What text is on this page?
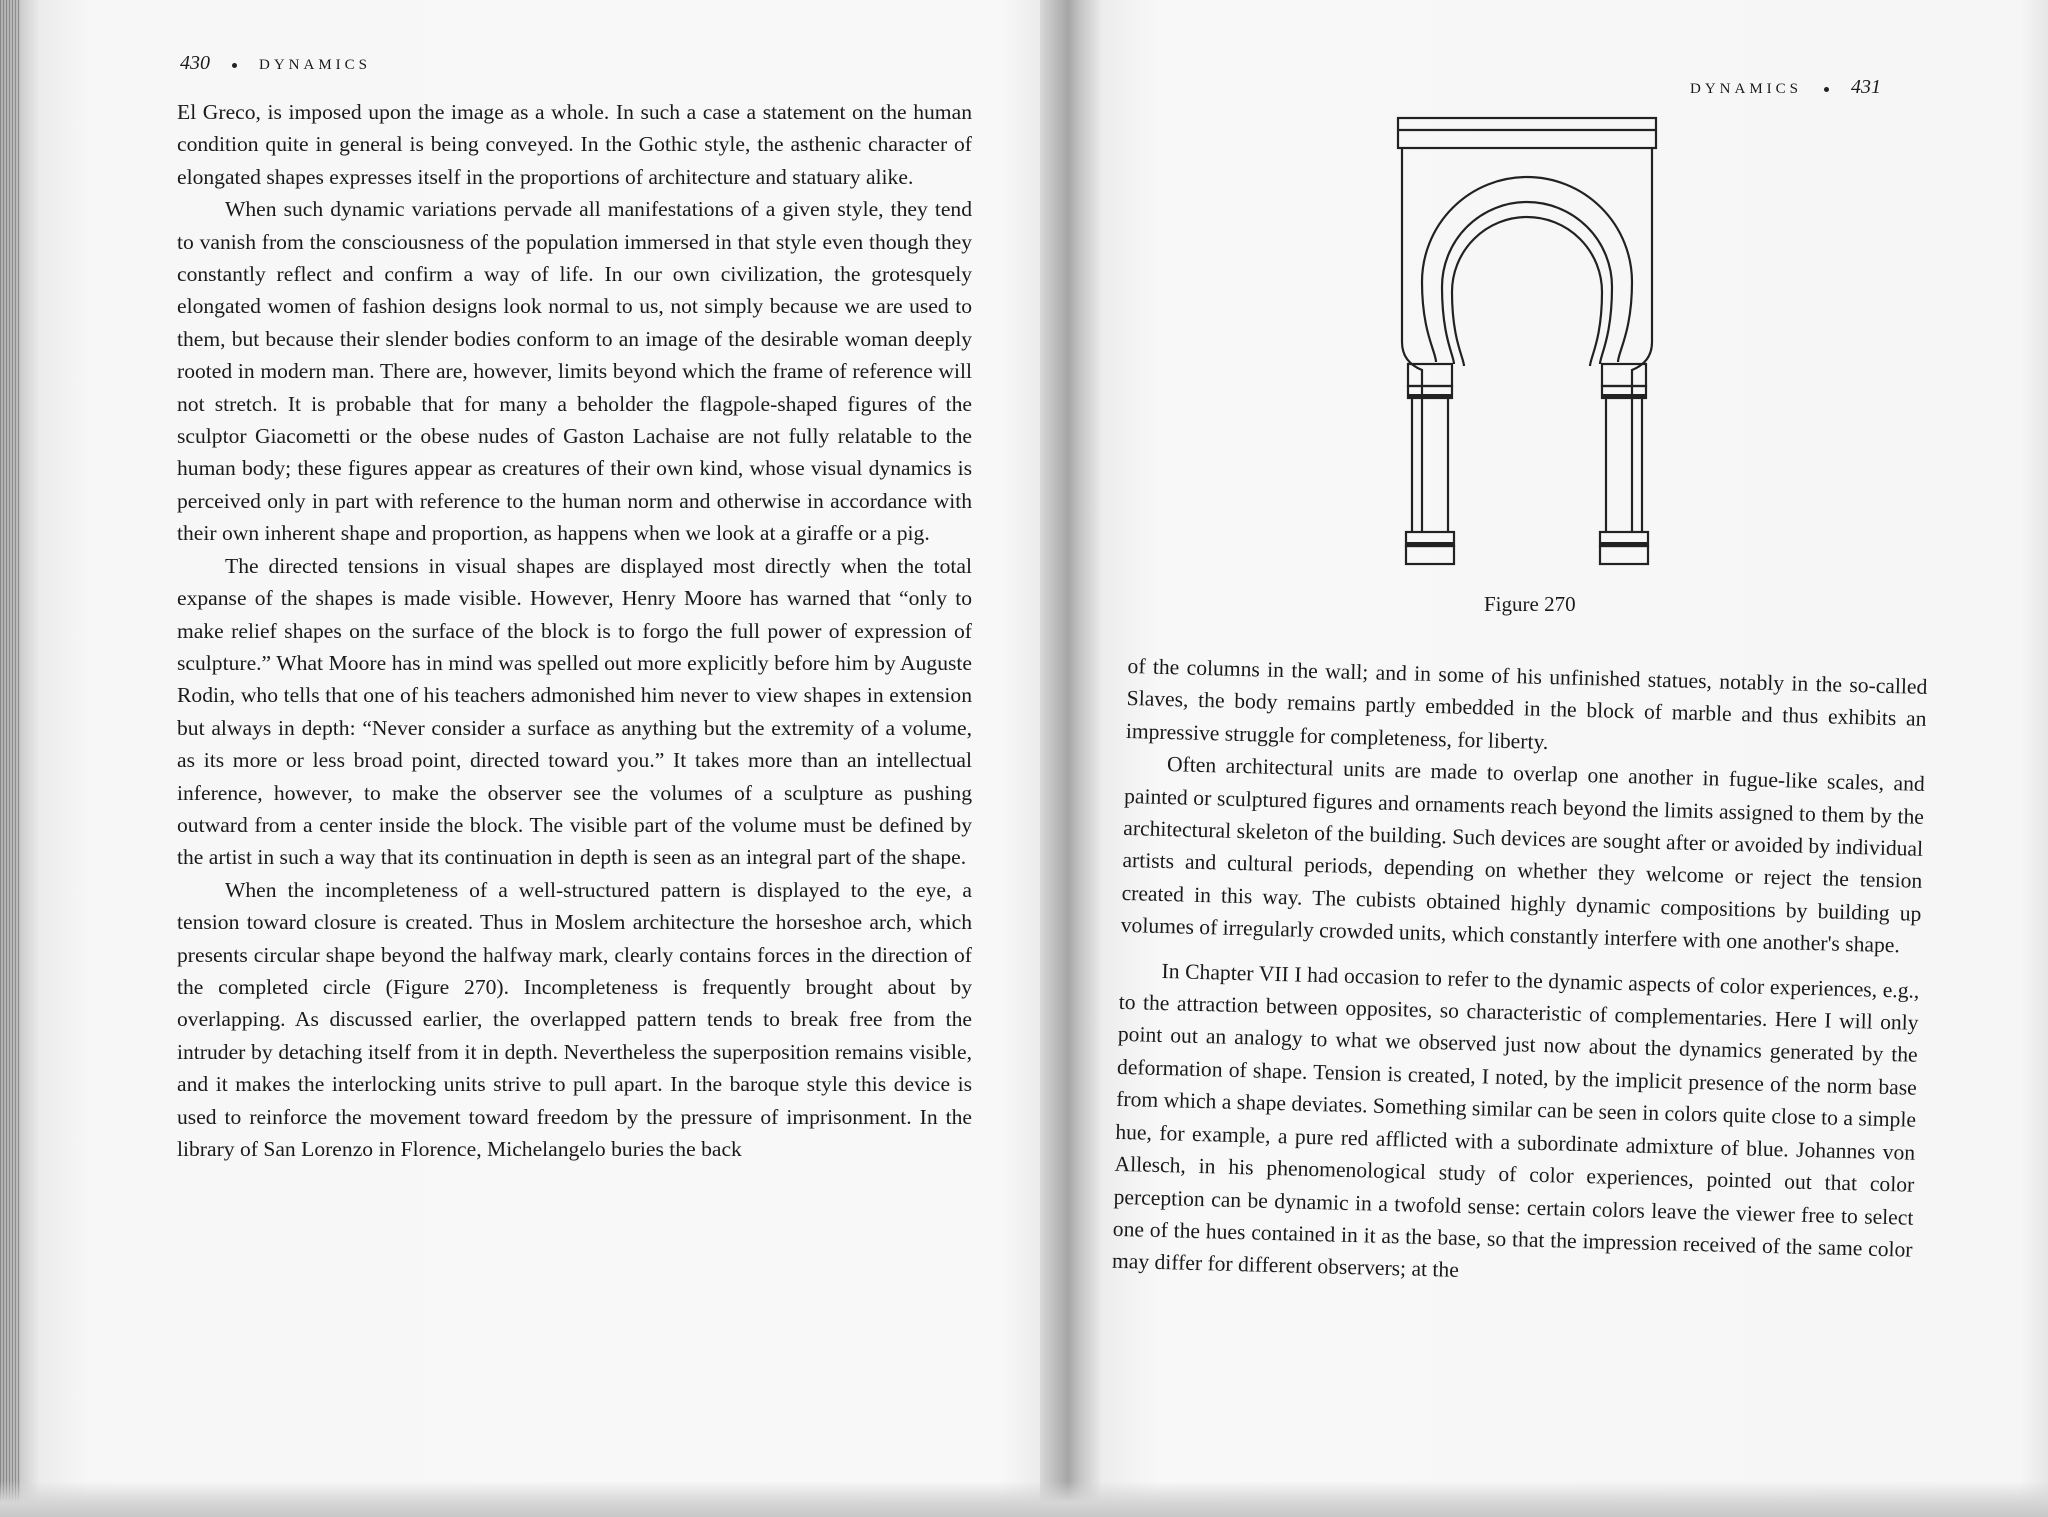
430	DYNAMICS

El Greco, is imposed upon the image as a whole. In such a case a statement on the human condition quite in general is being conveyed. In the Gothic style, the asthenic character of elongated shapes expresses itself in the proportions of architecture and statuary alike.

When such dynamic variations pervade all manifestations of a given style, they tend to vanish from the consciousness of the population immersed in that style even though they constantly reflect and confirm a way of life. In our own civilization, the grotesquely elongated women of fashion designs look normal to us, not simply because we are used to them, but because their slender bodies conform to an image of the desirable woman deeply rooted in modern man. There are, however, limits beyond which the frame of reference will not stretch. It is probable that for many a beholder the flagpole-shaped figures of the sculptor Giacometti or the obese nudes of Gaston Lachaise are not fully relatable to the human body; these figures appear as creatures of their own kind, whose visual dynamics is perceived only in part with reference to the human norm and otherwise in accordance with their own inherent shape and proportion, as happens when we look at a giraffe or a pig.

The directed tensions in visual shapes are displayed most directly when the total expanse of the shapes is made visible. However, Henry Moore has warned that “only to make relief shapes on the surface of the block is to forgo the full power of expression of sculpture.” What Moore has in mind was spelled out more explicitly before him by Auguste Rodin, who tells that one of his teachers admonished him never to view shapes in extension but always in depth: “Never consider a surface as anything but the extremity of a volume, as its more or less broad point, directed toward you.” It takes more than an intellectual inference, however, to make the observer see the volumes of a sculpture as pushing outward from a center inside the block. The visible part of the volume must be defined by the artist in such a way that its continuation in depth is seen as an integral part of the shape.

When the incompleteness of a well-structured pattern is displayed to the eye, a tension toward closure is created. Thus in Moslem architecture the horseshoe arch, which presents circular shape beyond the halfway mark, clearly contains forces in the direction of the completed circle (Figure 270). Incompleteness is frequently brought about by overlapping. As discussed earlier, the overlapped pattern tends to break free from the intruder by detaching itself from it in depth. Nevertheless the superposition remains visible, and it makes the interlocking units strive to pull apart. In the baroque style this device is used to reinforce the movement toward freedom by the pressure of imprisonment. In the library of San Lorenzo in Florence, Michelangelo buries the back

DYNAMICS 431
Figure 270

of the columns in the wall; and in some of his unfinished statues, notably in the so-called Slaves, the body remains partly embedded in the block of marble and thus exhibits an impressive struggle for completeness, for liberty.

Often architectural units are made to overlap one another in fugue-like scales, and painted or sculptured figures and ornaments reach beyond the limits assigned to them by the architectural skeleton of the building. Such devices are sought after or avoided by individual artists and cultural periods, depending on whether they welcome or reject the tension created in this way. The cubists obtained highly dynamic compositions by building up volumes of irregularly crowded units, which constantly interfere with one another's shape.

In Chapter VII I had occasion to refer to the dynamic aspects of color experiences, e.g., to the attraction between opposites, so characteristic of complementaries. Here I will only point out an analogy to what we observed just now about the dynamics generated by the deformation of shape. Tension is created, I noted, by the implicit presence of the norm base from which a shape deviates. Something similar can be seen in colors quite close to a simple hue, for example, a pure red afflicted with a subordinate admixture of blue. Johannes von Allesch, in his phenomenological study of color experiences, pointed out that color perception can be dynamic in a twofold sense: certain colors leave the viewer free to select one of the hues contained in it as the base, so that the impression received of the same color may differ for different observers; at the
